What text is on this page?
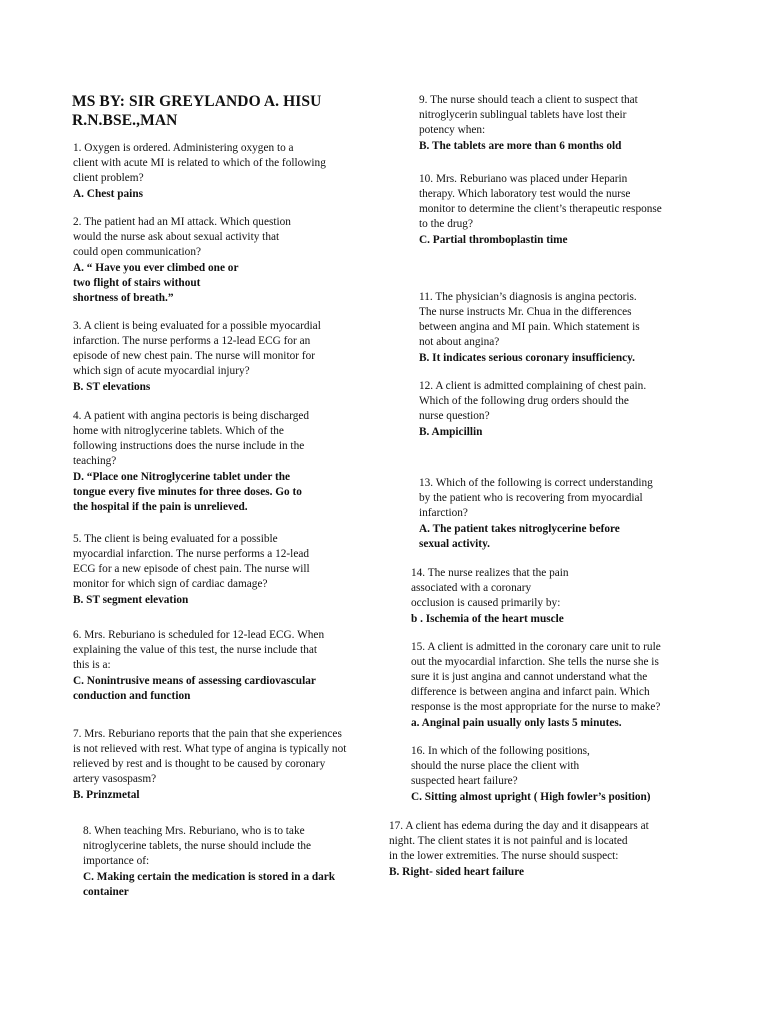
MS BY: SIR GREYLANDO A. HISU
R.N.BSE.,MAN
1. Oxygen is ordered. Administering oxygen to a
client with acute MI is related to which of the following
client problem?
A. Chest pains
2. The patient had an MI attack. Which question
would the nurse ask about sexual activity that
could open communication?
A. “ Have you ever climbed one or
two flight of stairs without
shortness of breath.”
3. A client is being evaluated for a possible myocardial
infarction. The nurse performs a 12-lead ECG for an
episode of new chest pain. The nurse will monitor for
which sign of acute myocardial injury?
B. ST elevations
4. A patient with angina pectoris is being discharged
home with nitroglycerine tablets. Which of the
following instructions does the nurse include in the
teaching?
D. “Place one Nitroglycerine tablet under the
tongue every five minutes for three doses. Go to
the hospital if the pain is unrelieved.
5. The client is being evaluated for a possible
myocardial infarction. The nurse performs a 12-lead
ECG for a new episode of chest pain. The nurse will
monitor for which sign of cardiac damage?
B. ST segment elevation
6. Mrs. Reburiano is scheduled for 12-lead ECG. When
explaining the value of this test, the nurse include that
this is a:
C. Nonintrusive means of assessing cardiovascular
conduction and function
7. Mrs. Reburiano reports that the pain that she experiences
is not relieved with rest. What type of angina is typically not
relieved by rest and is thought to be caused by coronary
artery vasospasm?
B. Prinzmetal
8. When teaching Mrs. Reburiano, who is to take
nitroglycerine tablets, the nurse should include the
importance of:
C. Making certain the medication is stored in a dark
container
9. The nurse should teach a client to suspect that
nitroglycerin sublingual tablets have lost their
potency when:
B. The tablets are more than 6 months old
10. Mrs. Reburiano was placed under Heparin
therapy. Which laboratory test would the nurse
monitor to determine the client’s therapeutic response
to the drug?
C. Partial thromboplastin time
11. The physician’s diagnosis is angina pectoris.
The nurse instructs Mr. Chua in the differences
between angina and MI pain. Which statement is
not about angina?
B. It indicates serious coronary insufficiency.
12. A client is admitted complaining of chest pain.
Which of the following drug orders should the
nurse question?
B. Ampicillin
13. Which of the following is correct understanding
by the patient who is recovering from myocardial
infarction?
A. The patient takes nitroglycerine before
sexual activity.
14. The nurse realizes that the pain
associated with a coronary
occlusion is caused primarily by:
b . Ischemia of the heart muscle
15. A client is admitted in the coronary care unit to rule
out the myocardial infarction. She tells the nurse she is
sure it is just angina and cannot understand what the
difference is between angina and infarct pain. Which
response is the most appropriate for the nurse to make?
a. Anginal pain usually only lasts 5 minutes.
16. In which of the following positions,
should the nurse place the client with
suspected heart failure?
C. Sitting almost upright ( High fowler’s position)
17. A client has edema during the day and it disappears at
night. The client states it is not painful and is located
in the lower extremities. The nurse should suspect:
B. Right- sided heart failure
